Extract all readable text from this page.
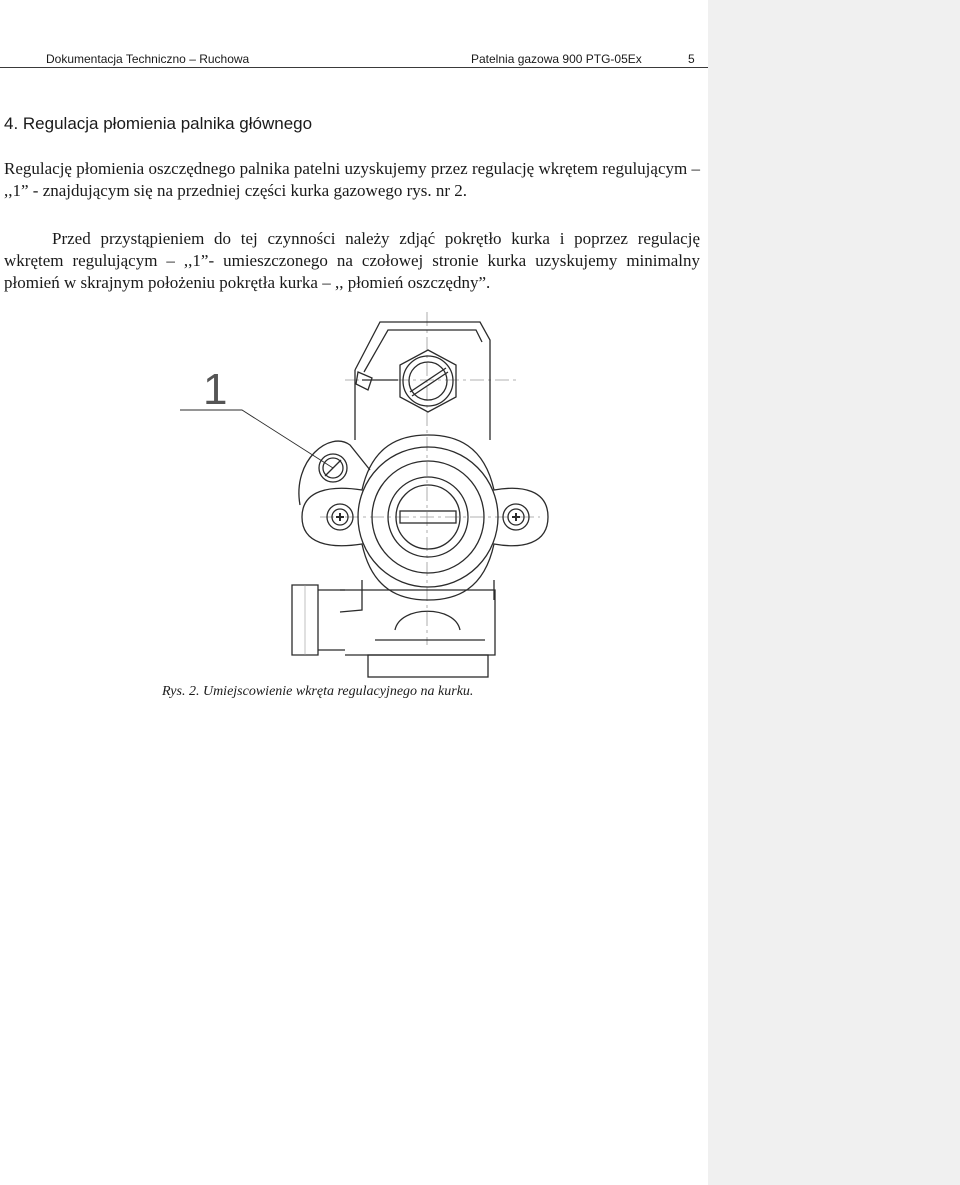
Dokumentacja Techniczno – Ruchowa	Patelnia gazowa 900 PTG-05Ex	5
4. Regulacja płomienia palnika głównego

Regulację płomienia oszczędnego palnika patelni uzyskujemy przez regulację wkrętem regulującym – ,,1” - znajdującym się na przedniej części kurka gazowego rys. nr 2.

Przed przystąpieniem do tej czynności należy zdjąć pokrętło kurka i poprzez regulację wkrętem regulującym – ,,1”- umieszczonego na czołowej stronie kurka uzyskujemy minimalny płomień w skrajnym położeniu pokrętła kurka – ,, płomień oszczędny”.

1
Rys. 2. Umiejscowienie wkręta regulacyjnego na kurku.
